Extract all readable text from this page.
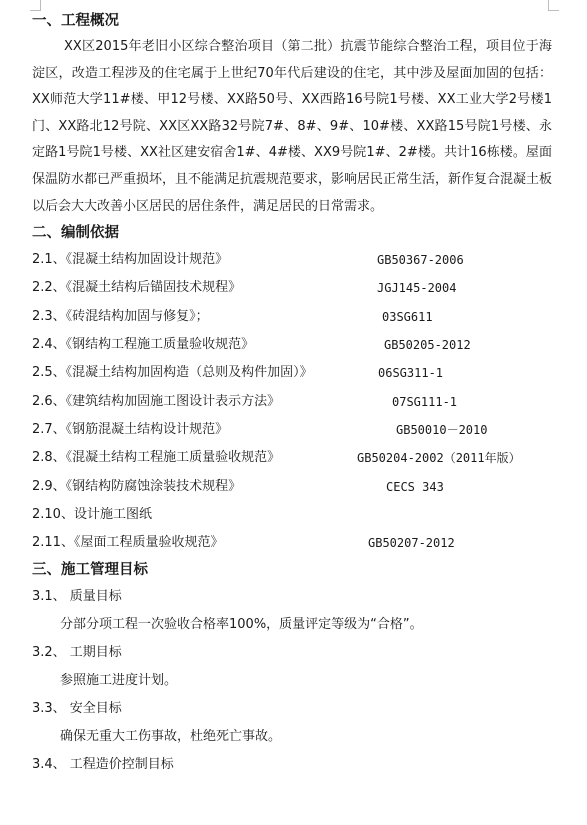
一、工程概况
XX区2015年老旧小区综合整治项目（第二批）抗震节能综合整治工程，项目位于海淀区，改造工程涉及的住宅属于上世纪70年代后建设的住宅，其中涉及屋面加固的包括：XX师范大学11#楼、甲12号楼、XX路50号、XX西路16号院1号楼、XX工业大学2号楼1门、XX路北12号院、XX区XX路32号院7#、8#、9#、10#楼、XX路15号院1号楼、永定路1号院1号楼、XX社区建安宿舍1#、4#楼、XX9号院1#、2#楼。共计16栋楼。屋面保温防水都已严重损坏，且不能满足抗震规范要求，影响居民正常生活，新作复合混凝土板以后会大大改善小区居民的居住条件，满足居民的日常需求。
二、编制依据
2.1、《混凝土结构加固设计规范》	GB50367-2006
2.2、《混凝土结构后锚固技术规程》	JGJ145-2004
2.3、《砖混结构加固与修复》；	03SG611
2.4、《钢结构工程施工质量验收规范》	GB50205-2012
2.5、《混凝土结构加固构造（总则及构件加固）》	06SG311-1
2.6、《建筑结构加固施工图设计表示方法》	07SG111-1
2.7、《钢筋混凝土结构设计规范》	GB50010－2010
2.8、《混凝土结构工程施工质量验收规范》	GB50204-2002（2011年版）
2.9、《钢结构防腐蚀涂装技术规程》	CECS 343
2.10、设计施工图纸
2.11、《屋面工程质量验收规范》	GB50207-2012
三、施工管理目标
3.1、 质量目标
分部分项工程一次验收合格率100%，质量评定等级为“合格”。
3.2、 工期目标
参照施工进度计划。
3.3、 安全目标
确保无重大工伤事故，杜绝死亡事故。
3.4、 工程造价控制目标
